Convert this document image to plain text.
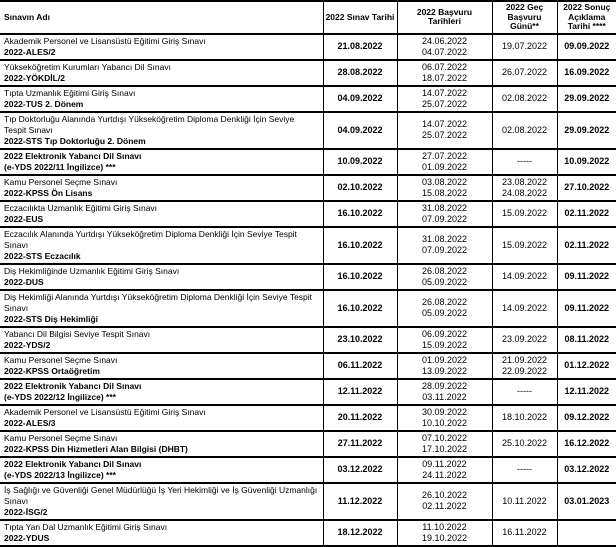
Sınavın Adı	2022 Sınav Tarihi	2022 Başvuru Tarihleri	2022 Geç Başvuru Günü**	2022 Sonuç Açıklama Tarihi ****

Akademik Personel ve Lisansüstü Eğitimi Giriş Sınavı
2022-ALES/2
	21.08.2022	
24.06.2022
04.07.2022

19.07.2022	09.09.2022

Yükseköğretim Kurumları Yabancı Dil Sınavı
2022-YÖKDİL/2
	28.08.2022	
06.07.2022
18.07.2022

26.07.2022	16.09.2022

Tıpta Uzmanlık Eğitimi Giriş Sınavı
2022-TUS 2. Dönem
	04.09.2022	
14.07.2022
25.07.2022

02.08.2022	29.09.2022

Tıp Doktorluğu Alanında Yurtdışı Yükseköğretim Diploma Denkliği İçin Seviye Tespit Sınavı
2022-STS Tıp Doktorluğu 2. Dönem
	04.09.2022	
14.07.2022
25.07.2022

02.08.2022	29.09.2022

2022 Elektronik Yabancı Dil Sınavı
(e-YDS 2022/11 İngilizce) ***
	10.09.2022	
27.07.2022
01.09.2022

-----	10.09.2022

Kamu Personel Seçme Sınavı
2022-KPSS Ön Lisans
	02.10.2022	
03.08.2022
15.08.2022

23.08.2022
24.08.2022
	27.10.2022

Eczacılıkta Uzmanlık Eğitimi Giriş Sınavı
2022-EUS
	16.10.2022	
31.08.2022
07.09.2022

15.09.2022	02.11.2022

Eczacılık Alanında Yurtdışı Yükseköğretim Diploma Denkliği İçin Seviye Tespit Sınavı
2022-STS Eczacılık
	16.10.2022	
31.08.2022
07.09.2022

15.09.2022	02.11.2022

Diş Hekimliğinde Uzmanlık Eğitimi Giriş Sınavı
2022-DUS
	16.10.2022	
26.08.2022
05.09.2022

14.09.2022	09.11.2022

Diş Hekimliği Alanında Yurtdışı Yükseköğretim Diploma Denkliği İçin Seviye Tespit Sınavı
2022-STS Diş Hekimliği
	16.10.2022	
26.08.2022
05.09.2022

14.09.2022	09.11.2022

Yabancı Dil Bilgisi Seviye Tespit Sınavı
2022-YDS/2
	23.10.2022	
06.09.2022
15.09.2022

23.09.2022	08.11.2022

Kamu Personel Seçme Sınavı
2022-KPSS Ortaöğretim
	06.11.2022	
01.09.2022
13.09.2022

21.09.2022
22.09.2022
	01.12.2022

2022 Elektronik Yabancı Dil Sınavı
(e-YDS 2022/12 İngilizce) ***
	12.11.2022	
28.09.2022
03.11.2022

-----	12.11.2022

Akademik Personel ve Lisansüstü Eğitimi Giriş Sınavı
2022-ALES/3
	20.11.2022	
30.09.2022
10.10.2022

18.10.2022	09.12.2022

Kamu Personel Seçme Sınavı
2022-KPSS Din Hizmetleri Alan Bilgisi (DHBT)
	27.11.2022	
07.10.2022
17.10.2022

25.10.2022	16.12.2022

2022 Elektronik Yabancı Dil Sınavı
(e-YDS 2022/13 İngilizce) ***
	03.12.2022	
09.11.2022
24.11.2022

-----	03.12.2022

İş Sağlığı ve Güvenliği Genel Müdürlüğü İş Yeri Hekimliği ve İş Güvenliği Uzmanlığı Sınavı
2022-İSG/2
	11.12.2022	
26.10.2022
02.11.2022

10.11.2022	03.01.2023

Tıpta Yan Dal Uzmanlık Eğitimi Giriş Sınavı
2022-YDUS
	18.12.2022	
11.10.2022
19.10.2022

16.11.2022
